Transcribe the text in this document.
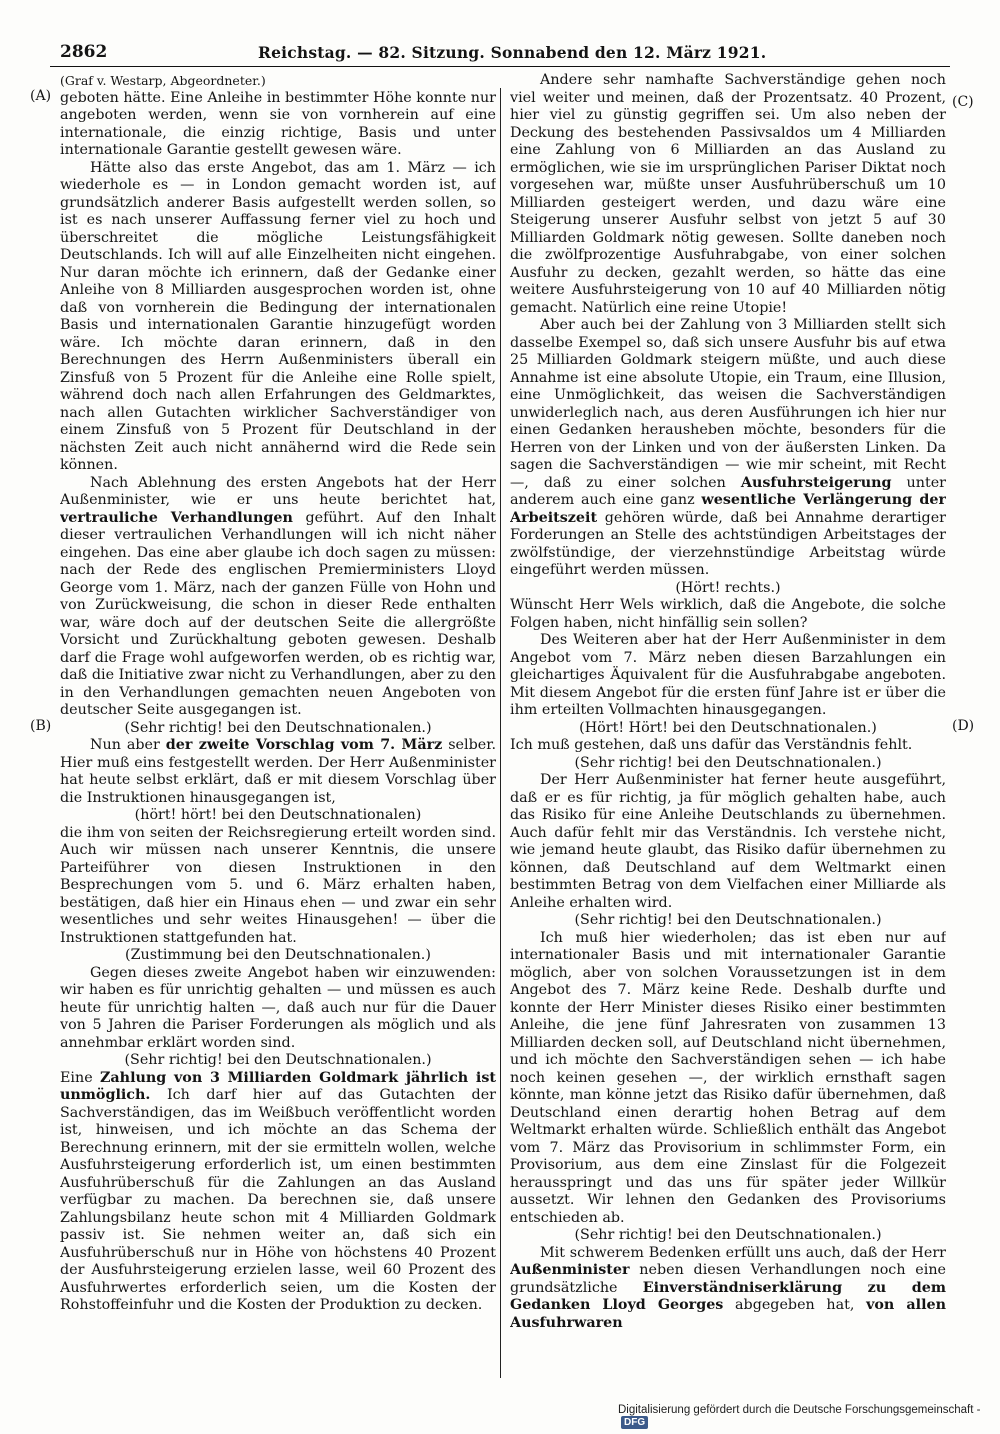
2862	Reichstag. — 82. Sitzung. Sonnabend den 12. März 1921.
(A)
(B)
(C)
(D)

(Graf v. Westarp, Abgeordneter.)

geboten hätte. Eine Anleihe in bestimmter Höhe konnte nur angeboten werden, wenn sie von vornherein auf eine internationale, die einzig richtige, Basis und unter internationale Garantie gestellt gewesen wäre.

Hätte also das erste Angebot, das am 1. März — ich wiederhole es — in London gemacht worden ist, auf grundsätzlich anderer Basis aufgestellt werden sollen, so ist es nach unserer Auffassung ferner viel zu hoch und überschreitet die mögliche Leistungsfähigkeit Deutschlands. Ich will auf alle Einzelheiten nicht eingehen. Nur daran möchte ich erinnern, daß der Gedanke einer Anleihe von 8 Milliarden ausgesprochen worden ist, ohne daß von vornherein die Bedingung der internationalen Basis und internationalen Garantie hinzugefügt worden wäre. Ich möchte daran erinnern, daß in den Berechnungen des Herrn Außenministers überall ein Zinsfuß von 5 Prozent für die Anleihe eine Rolle spielt, während doch nach allen Erfahrungen des Geldmarktes, nach allen Gutachten wirklicher Sachverständiger von einem Zinsfuß von 5 Prozent für Deutschland in der nächsten Zeit auch nicht annähernd wird die Rede sein können.

Nach Ablehnung des ersten Angebots hat der Herr Außenminister, wie er uns heute berichtet hat, vertrauliche Verhandlungen geführt. Auf den Inhalt dieser vertraulichen Verhandlungen will ich nicht näher eingehen. Das eine aber glaube ich doch sagen zu müssen: nach der Rede des englischen Premierministers Lloyd George vom 1. März, nach der ganzen Fülle von Hohn und von Zurückweisung, die schon in dieser Rede enthalten war, wäre doch auf der deutschen Seite die allergrößte Vorsicht und Zurückhaltung geboten gewesen. Deshalb darf die Frage wohl aufgeworfen werden, ob es richtig war, daß die Initiative zwar nicht zu Verhandlungen, aber zu den in den Verhandlungen gemachten neuen Angeboten von deutscher Seite ausgegangen ist.

(Sehr richtig! bei den Deutschnationalen.)

Nun aber der zweite Vorschlag vom 7. März selber. Hier muß eins festgestellt werden. Der Herr Außenminister hat heute selbst erklärt, daß er mit diesem Vorschlag über die Instruktionen hinausgegangen ist,

(hört! hört! bei den Deutschnationalen)

die ihm von seiten der Reichsregierung erteilt worden sind. Auch wir müssen nach unserer Kenntnis, die unsere Parteiführer von diesen Instruktionen in den Besprechungen vom 5. und 6. März erhalten haben, bestätigen, daß hier ein Hinaus ehen — und zwar ein sehr wesentliches und sehr weites Hinausgehen! — über die Instruktionen stattgefunden hat.

(Zustimmung bei den Deutschnationalen.)

Gegen dieses zweite Angebot haben wir einzuwenden: wir haben es für unrichtig gehalten — und müssen es auch heute für unrichtig halten —, daß auch nur für die Dauer von 5 Jahren die Pariser Forderungen als möglich und als annehmbar erklärt worden sind.

(Sehr richtig! bei den Deutschnationalen.)

Eine Zahlung von 3 Milliarden Goldmark jährlich ist unmöglich. Ich darf hier auf das Gutachten der Sachverständigen, das im Weißbuch veröffentlicht worden ist, hinweisen, und ich möchte an das Schema der Berechnung erinnern, mit der sie ermitteln wollen, welche Ausfuhrsteigerung erforderlich ist, um einen bestimmten Ausfuhrüberschuß für die Zahlungen an das Ausland verfügbar zu machen. Da berechnen sie, daß unsere Zahlungsbilanz heute schon mit 4 Milliarden Goldmark passiv ist. Sie nehmen weiter an, daß sich ein Ausfuhrüberschuß nur in Höhe von höchstens 40 Prozent der Ausfuhrsteigerung erzielen lasse, weil 60 Prozent des Ausfuhrwertes erforderlich seien, um die Kosten der Rohstoffeinfuhr und die Kosten der Produktion zu decken.

Andere sehr namhafte Sachverständige gehen noch viel weiter und meinen, daß der Prozentsatz. 40 Prozent, hier viel zu günstig gegriffen sei. Um also neben der Deckung des bestehenden Passivsaldos um 4 Milliarden eine Zahlung von 6 Milliarden an das Ausland zu ermöglichen, wie sie im ursprünglichen Pariser Diktat noch vorgesehen war, müßte unser Ausfuhrüberschuß um 10 Milliarden gesteigert werden, und dazu wäre eine Steigerung unserer Ausfuhr selbst von jetzt 5 auf 30 Milliarden Goldmark nötig gewesen. Sollte daneben noch die zwölfprozentige Ausfuhrabgabe, von einer solchen Ausfuhr zu decken, gezahlt werden, so hätte das eine weitere Ausfuhrsteigerung von 10 auf 40 Milliarden nötig gemacht. Natürlich eine reine Utopie!

Aber auch bei der Zahlung von 3 Milliarden stellt sich dasselbe Exempel so, daß sich unsere Ausfuhr bis auf etwa 25 Milliarden Goldmark steigern müßte, und auch diese Annahme ist eine absolute Utopie, ein Traum, eine Illusion, eine Unmöglichkeit, das weisen die Sachverständigen unwiderleglich nach, aus deren Ausführungen ich hier nur einen Gedanken herausheben möchte, besonders für die Herren von der Linken und von der äußersten Linken. Da sagen die Sachverständigen — wie mir scheint, mit Recht —, daß zu einer solchen Ausfuhrsteigerung unter anderem auch eine ganz wesentliche Verlängerung der Arbeitszeit gehören würde, daß bei Annahme derartiger Forderungen an Stelle des achtstündigen Arbeitstages der zwölfstündige, der vierzehnstündige Arbeitstag würde eingeführt werden müssen.

(Hört! rechts.)

Wünscht Herr Wels wirklich, daß die Angebote, die solche Folgen haben, nicht hinfällig sein sollen?

Des Weiteren aber hat der Herr Außenminister in dem Angebot vom 7. März neben diesen Barzahlungen ein gleichartiges Äquivalent für die Ausfuhrabgabe angeboten. Mit diesem Angebot für die ersten fünf Jahre ist er über die ihm erteilten Vollmachten hinausgegangen.

(Hört! Hört! bei den Deutschnationalen.)

Ich muß gestehen, daß uns dafür das Verständnis fehlt.

(Sehr richtig! bei den Deutschnationalen.)

Der Herr Außenminister hat ferner heute ausgeführt, daß er es für richtig, ja für möglich gehalten habe, auch das Risiko für eine Anleihe Deutschlands zu übernehmen. Auch dafür fehlt mir das Verständnis. Ich verstehe nicht, wie jemand heute glaubt, das Risiko dafür übernehmen zu können, daß Deutschland auf dem Weltmarkt einen bestimmten Betrag von dem Vielfachen einer Milliarde als Anleihe erhalten wird.

(Sehr richtig! bei den Deutschnationalen.)

Ich muß hier wiederholen; das ist eben nur auf internationaler Basis und mit internationaler Garantie möglich, aber von solchen Voraussetzungen ist in dem Angebot des 7. März keine Rede. Deshalb durfte und konnte der Herr Minister dieses Risiko einer bestimmten Anleihe, die jene fünf Jahresraten von zusammen 13 Milliarden decken soll, auf Deutschland nicht übernehmen, und ich möchte den Sachverständigen sehen — ich habe noch keinen gesehen —, der wirklich ernsthaft sagen könnte, man könne jetzt das Risiko dafür übernehmen, daß Deutschland einen derartig hohen Betrag auf dem Weltmarkt erhalten würde. Schließlich enthält das Angebot vom 7. März das Provisorium in schlimmster Form, ein Provisorium, aus dem eine Zinslast für die Folgezeit herausspringt und das uns für später jeder Willkür aussetzt. Wir lehnen den Gedanken des Provisoriums entschieden ab.

(Sehr richtig! bei den Deutschnationalen.)

Mit schwerem Bedenken erfüllt uns auch, daß der Herr Außenminister neben diesen Verhandlungen noch eine grundsätzliche Einverständniserklärung zu dem Gedanken Lloyd Georges abgegeben hat, von allen Ausfuhrwaren

Digitalisierung gefördert durch die Deutsche Forschungsgemeinschaft -DFG
